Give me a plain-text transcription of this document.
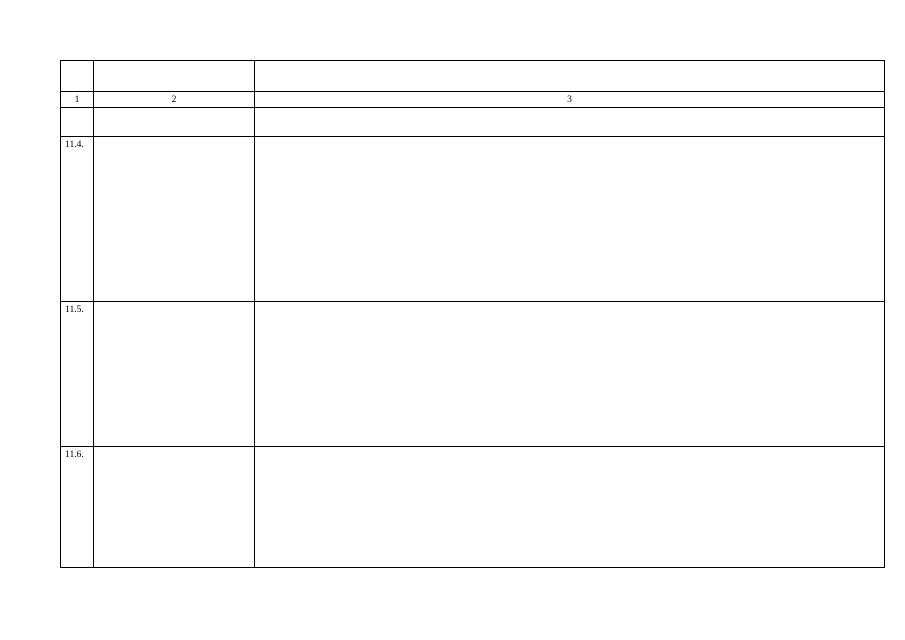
1	2	3

11.4.		
11.5.		
11.6.		
